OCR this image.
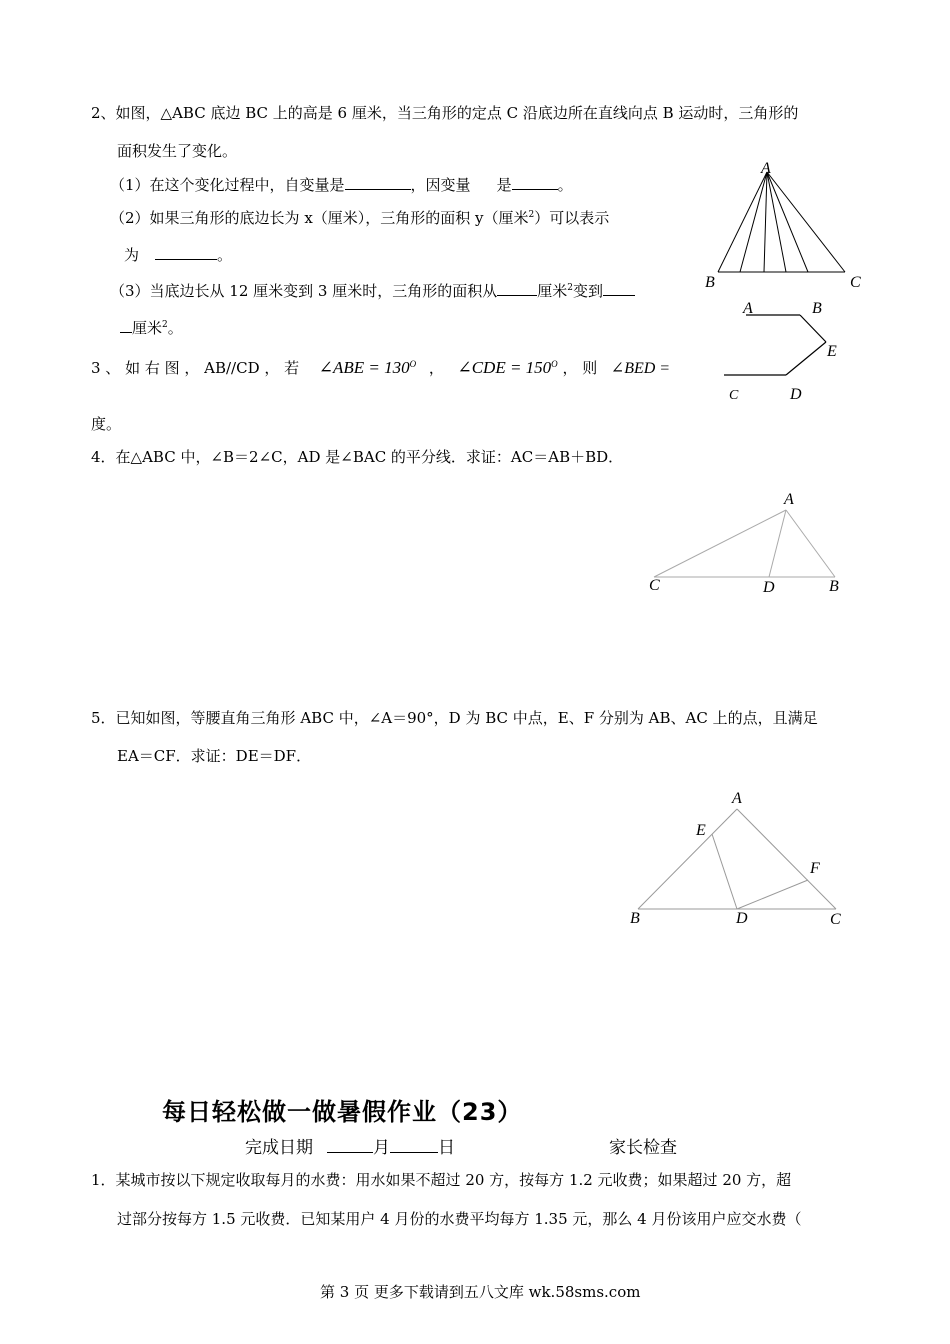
2、如图，△ABC 底边 BC 上的高是 6 厘米，当三角形的定点 C 沿底边所在直线向点 B 运动时，三角形的
面积发生了变化。
（1）在这个变化过程中，自变量是	，因变量 是	。
（2）如果三角形的底边长为 x（厘米），三角形的面积 y（厘米$^2$）可以表示
为	。
（3）当底边长从 12 厘米变到 3 厘米时，三角形的面积从	厘米$^2$变到
厘米$^2$。
A
B	C
3 、 如 右 图 ， AB//CD ， 若 ∠ABE = $130^O$ ， ∠CDE = $150^O$ ， 则 ∠BED =
度。
A	B
E
C	D
4．在△ABC 中，∠B＝2∠C，AD 是∠BAC 的平分线．求证：AC＝AB＋BD．
A
C	D	B
5．已知如图，等腰直角三角形 ABC 中，∠A＝90°，D 为 BC 中点，E、F 分别为 AB、AC 上的点，且满足
EA＝CF．求证：DE＝DF．
A
E
F
B	D	C
每日轻松做一做暑假作业（23）
完成日期	月	日	家长检查
1．某城市按以下规定收取每月的水费：用水如果不超过 20 方，按每方 1.2 元收费；如果超过 20 方，超
过部分按每方 1.5 元收费．已知某用户 4 月份的水费平均每方 1.35 元，那么 4 月份该用户应交水费（
第 3 页 更多下载请到五八文库 wk.58sms.com
